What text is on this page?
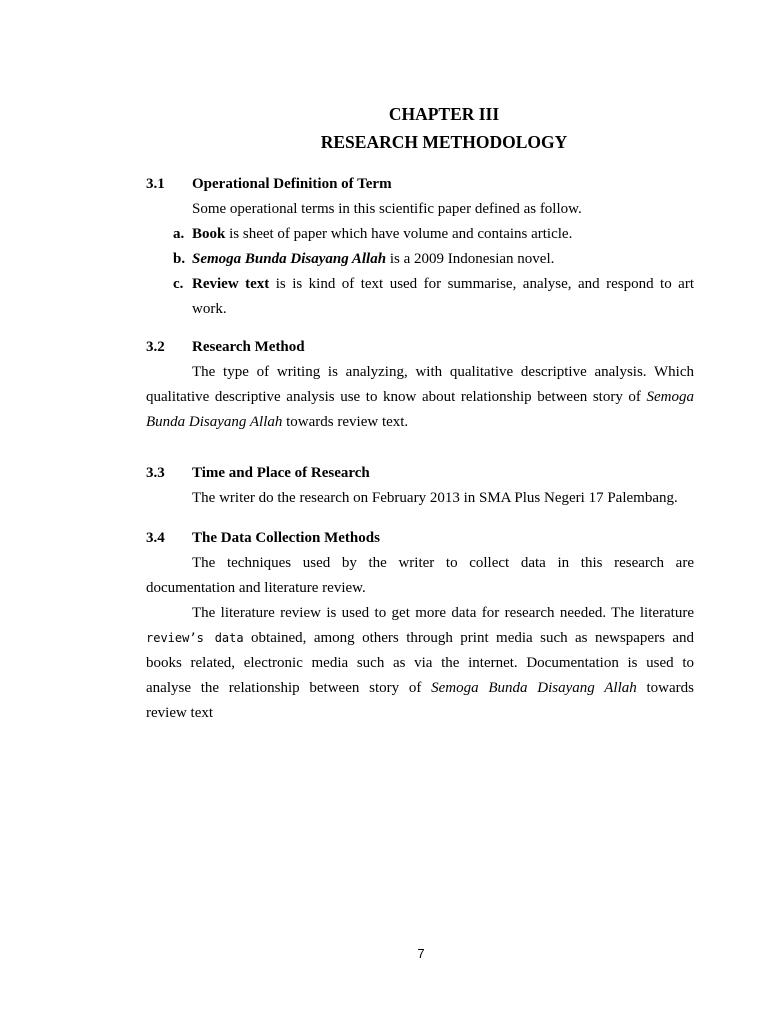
CHAPTER III
RESEARCH METHODOLOGY
3.1 Operational Definition of Term
Some operational terms in this scientific paper defined as follow.
a. Book is sheet of paper which have volume and contains article.
b. Semoga Bunda Disayang Allah is a 2009 Indonesian novel.
c. Review text is is kind of text used for summarise, analyse, and respond to art
work.
3.2 Research Method
The type of writing is analyzing, with qualitative descriptive analysis. Which
qualitative descriptive analysis use to know about relationship between story of Semoga
Bunda Disayang Allah towards review text.
3.3 Time and Place of Research
The writer do the research on February 2013 in SMA Plus Negeri 17 Palembang.
3.4 The Data Collection Methods
The techniques used by the writer to collect data in this research are
documentation and literature review.
The literature review is used to get more data for research needed. The literature
review’s data obtained, among others through print media such as newspapers and
books related, electronic media such as via the internet. Documentation is used to
analyse the relationship between story of Semoga Bunda Disayang Allah towards
review text
7
